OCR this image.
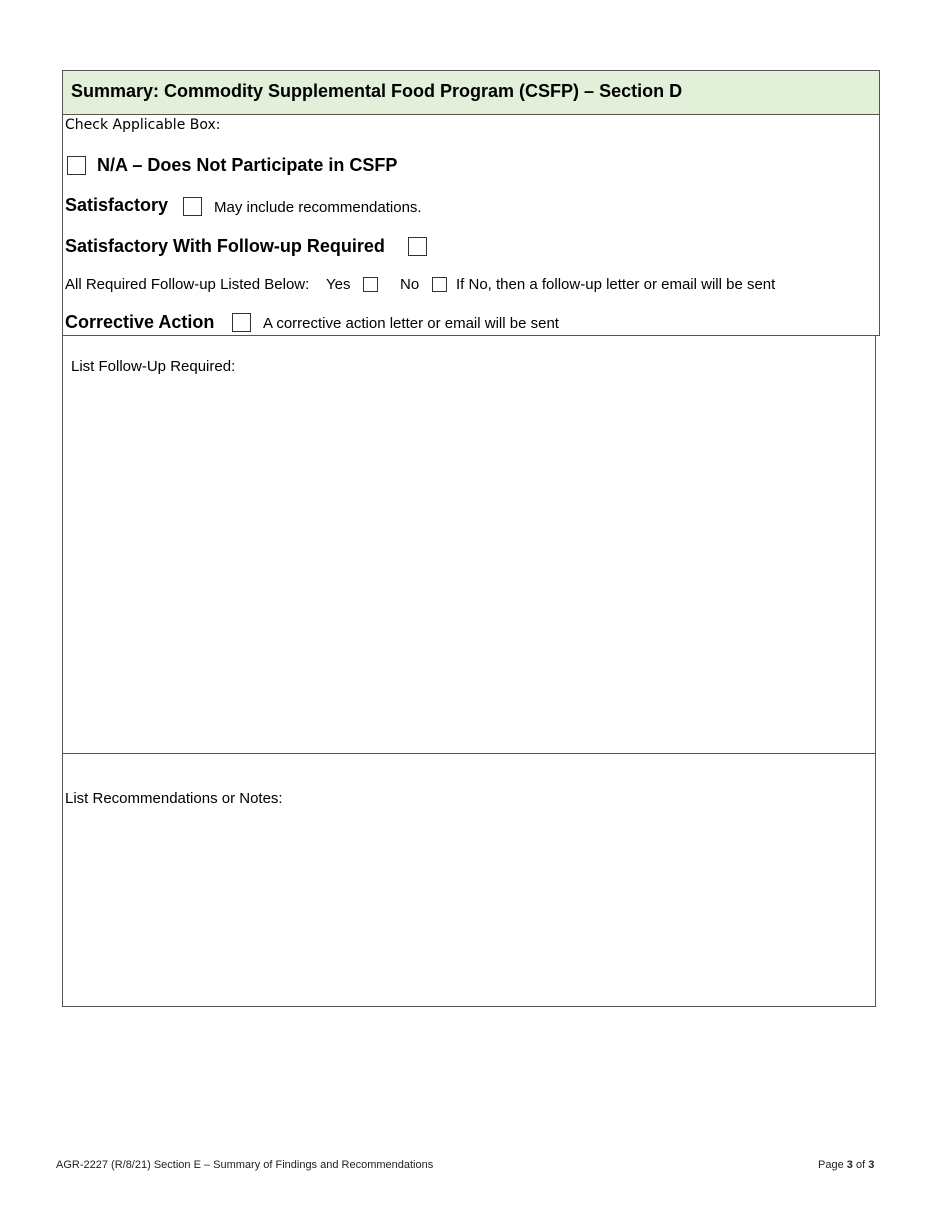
Summary: Commodity Supplemental Food Program (CSFP) – Section D
Check Applicable Box:
N/A – Does Not Participate in CSFP
Satisfactory	May include recommendations.
Satisfactory With Follow-up Required
All Required Follow-up Listed Below: Yes	No If No, then a follow-up letter or email will be sent
Corrective Action	A corrective action letter or email will be sent
List Follow-Up Required:
List Recommendations or Notes:
AGR-2227 (R/8/21) Section E – Summary of Findings and Recommendations	Page 3 of 3
